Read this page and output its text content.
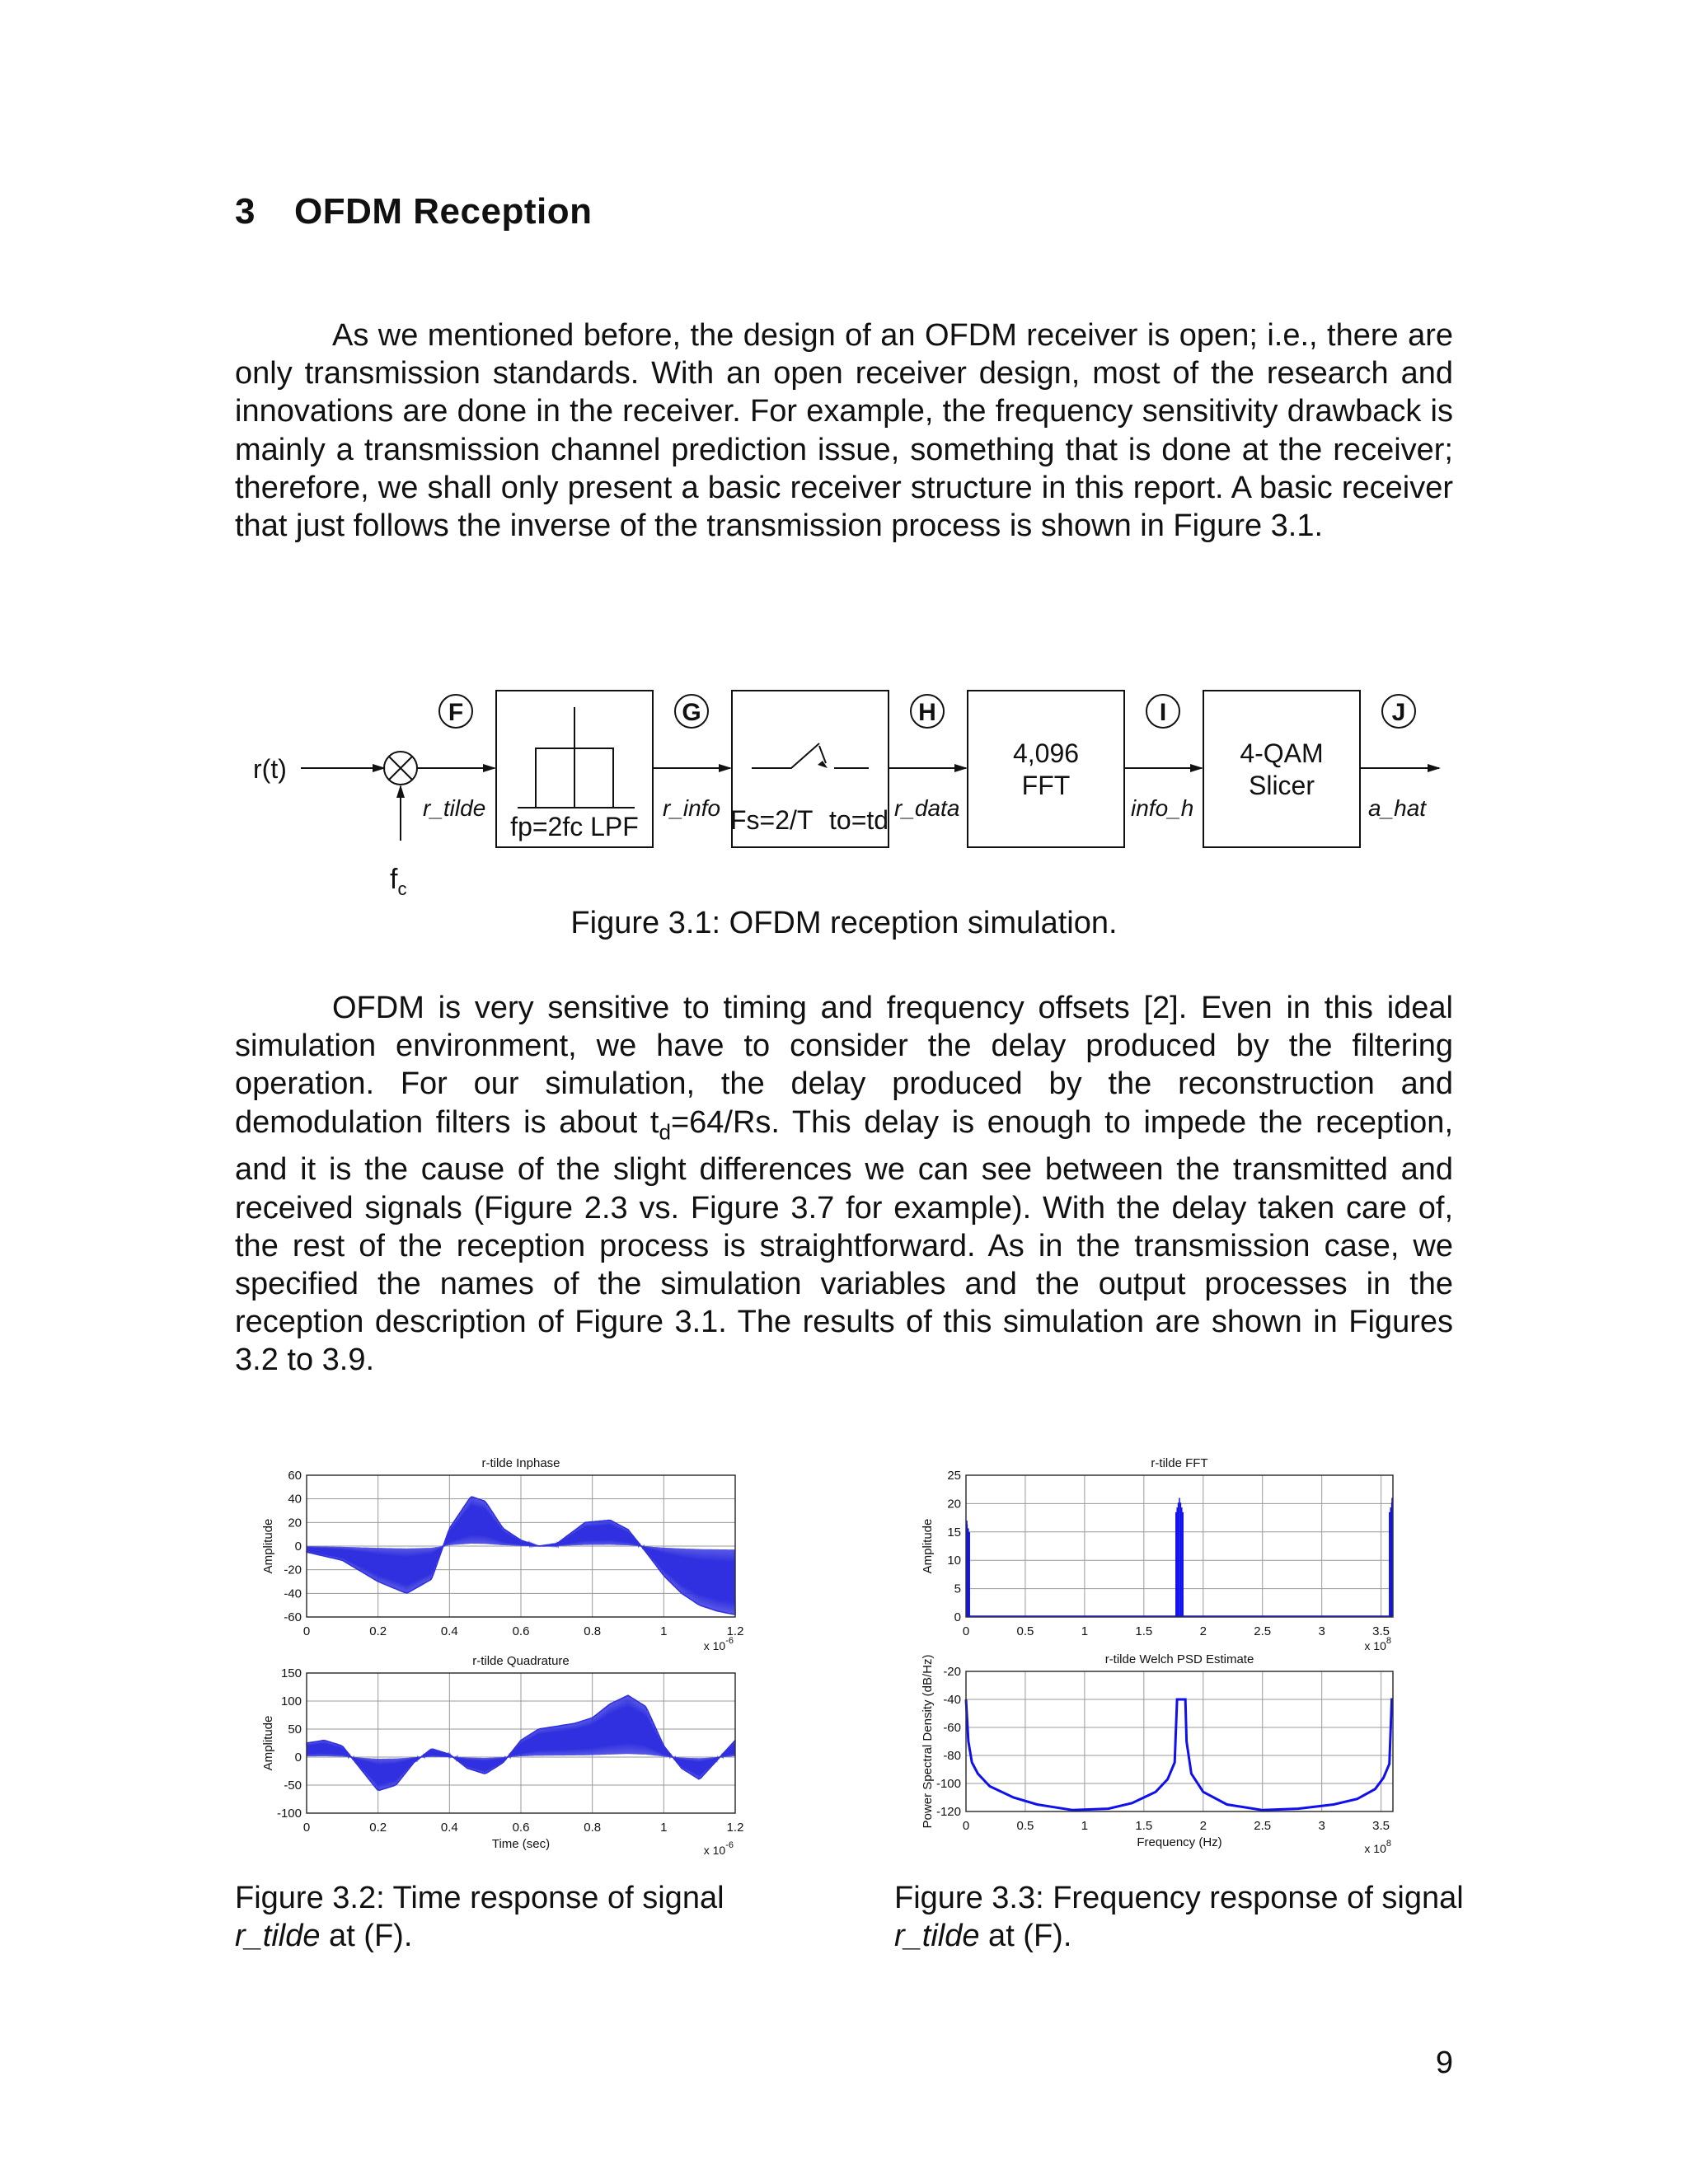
3 OFDM Reception

As we mentioned before, the design of an OFDM receiver is open; i.e., there are only transmission standards. With an open receiver design, most of the research and innovations are done in the receiver. For example, the frequency sensitivity drawback is mainly a transmission channel prediction issue, something that is done at the receiver; therefore, we shall only present a basic receiver structure in this report. A basic receiver that just follows the inverse of the transmission process is shown in Figure 3.1.

r(t)
$f_c$
F	G	H	I	J
r_tilde	r_info	r_data	info_h	a_hat
fp=2fc LPF	Fs=2/T to=td
4,096
FFT
4-QAM
Slicer
Figure 3.1: OFDM reception simulation.

OFDM is very sensitive to timing and frequency offsets [2]. Even in this ideal simulation environment, we have to consider the delay produced by the filtering operation. For our simulation, the delay produced by the reconstruction and demodulation filters is about $t_d=64/Rs$. This delay is enough to impede the reception, and it is the cause of the slight differences we can see between the transmitted and received signals (Figure 2.3 vs. Figure 3.7 for example). With the delay taken care of, the rest of the reception process is straightforward. As in the transmission case, we specified the names of the simulation variables and the output processes in the reception description of Figure 3.1. The results of this simulation are shown in Figures 3.2 to 3.9.

0	0.2	0.4	0.6	0.8	1	1.2
60
40
20
0
-20
-40
-60
r-tilde Inphase
Amplitude
x $10^{-6}$
0	0.2	0.4	0.6	0.8	1	1.2
150
100
50
0
-50
-100
r-tilde Quadrature
Time (sec)
Amplitude
x $10^{-6}$
0	0.5	1	1.5	2	2.5	3	3.5
25
20
15
10
5
0
r-tilde FFT
Amplitude
x $10^8$
0	0.5	1	1.5	2	2.5	3	3.5
-20
-40
-60
-80
-100
-120
r-tilde Welch PSD Estimate
Frequency (Hz)
Power Spectral Density (dB/Hz)
x $10^8$
Figure 3.2: Time response of signal r_tilde at (F).
Figure 3.3: Frequency response of signal r_tilde at (F).
9
